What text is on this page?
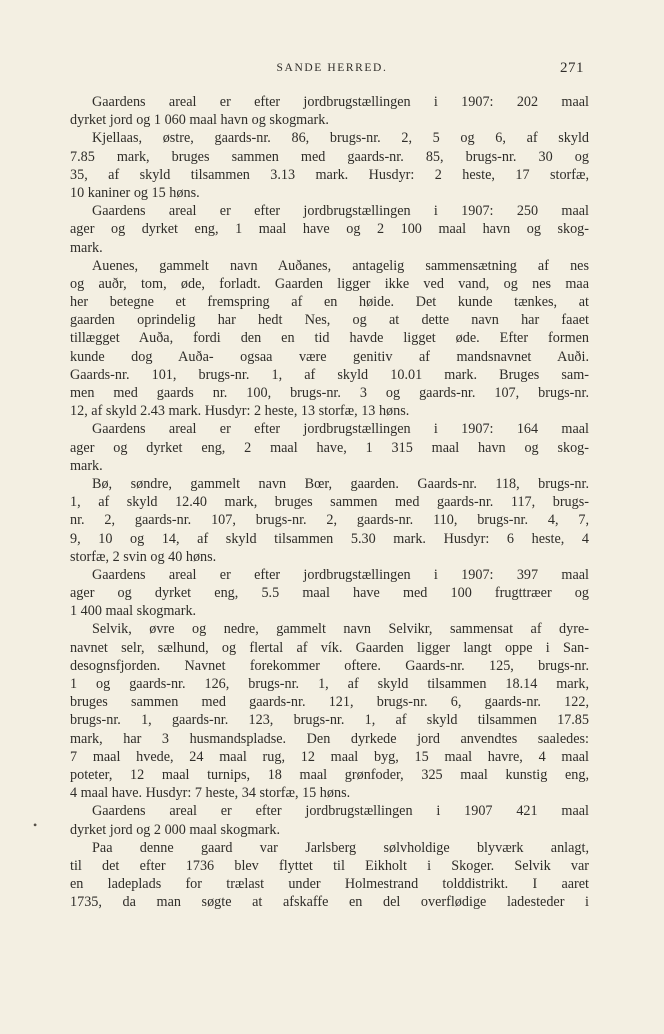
SANDE HERRED.	271
Gaardens areal er efter jordbrugstællingen i 1907: 202 maal
dyrket jord og 1 060 maal havn og skogmark.
Kjellaas, østre, gaards-nr. 86, brugs-nr. 2, 5 og 6, af skyld
7.85 mark, bruges sammen med gaards-nr. 85, brugs-nr. 30 og
35, af skyld tilsammen 3.13 mark. Husdyr: 2 heste, 17 storfæ,
10 kaniner og 15 høns.
Gaardens areal er efter jordbrugstællingen i 1907: 250 maal
ager og dyrket eng, 1 maal have og 2 100 maal havn og skog-
mark.
Auenes, gammelt navn Auðanes, antagelig sammensætning af nes
og auðr, tom, øde, forladt. Gaarden ligger ikke ved vand, og nes maa
her betegne et fremspring af en høide. Det kunde tænkes, at
gaarden oprindelig har hedt Nes, og at dette navn har faaet
tillægget Auða, fordi den en tid havde ligget øde. Efter formen
kunde dog Auða- ogsaa være genitiv af mandsnavnet Auði.
Gaards-nr. 101, brugs-nr. 1, af skyld 10.01 mark. Bruges sam-
men med gaards nr. 100, brugs-nr. 3 og gaards-nr. 107, brugs-nr.
12, af skyld 2.43 mark. Husdyr: 2 heste, 13 storfæ, 13 høns.
Gaardens areal er efter jordbrugstællingen i 1907: 164 maal
ager og dyrket eng, 2 maal have, 1 315 maal havn og skog-
mark.
Bø, søndre, gammelt navn Bœr, gaarden. Gaards-nr. 118, brugs-nr.
1, af skyld 12.40 mark, bruges sammen med gaards-nr. 117, brugs-
nr. 2, gaards-nr. 107, brugs-nr. 2, gaards-nr. 110, brugs-nr. 4, 7,
9, 10 og 14, af skyld tilsammen 5.30 mark. Husdyr: 6 heste, 4
storfæ, 2 svin og 40 høns.
Gaardens areal er efter jordbrugstællingen i 1907: 397 maal
ager og dyrket eng, 5.5 maal have med 100 frugttræer og
1 400 maal skogmark.
Selvik, øvre og nedre, gammelt navn Selvikr, sammensat af dyre-
navnet selr, sælhund, og flertal af vík. Gaarden ligger langt oppe i San-
desognsfjorden. Navnet forekommer oftere. Gaards-nr. 125, brugs-nr.
1 og gaards-nr. 126, brugs-nr. 1, af skyld tilsammen 18.14 mark,
bruges sammen med gaards-nr. 121, brugs-nr. 6, gaards-nr. 122,
brugs-nr. 1, gaards-nr. 123, brugs-nr. 1, af skyld tilsammen 17.85
mark, har 3 husmandspladse. Den dyrkede jord anvendtes saaledes:
7 maal hvede, 24 maal rug, 12 maal byg, 15 maal havre, 4 maal
poteter, 12 maal turnips, 18 maal grønfoder, 325 maal kunstig eng,
4 maal have. Husdyr: 7 heste, 34 storfæ, 15 høns.
Gaardens areal er efter jordbrugstællingen i 1907 421 maal
dyrket jord og 2 000 maal skogmark.
Paa denne gaard var Jarlsberg sølvholdige blyværk anlagt,
til det efter 1736 blev flyttet til Eikholt i Skoger. Selvik var
en ladeplads for trælast under Holmestrand tolddistrikt. I aaret
1735, da man søgte at afskaffe en del overflødige ladesteder i
•
